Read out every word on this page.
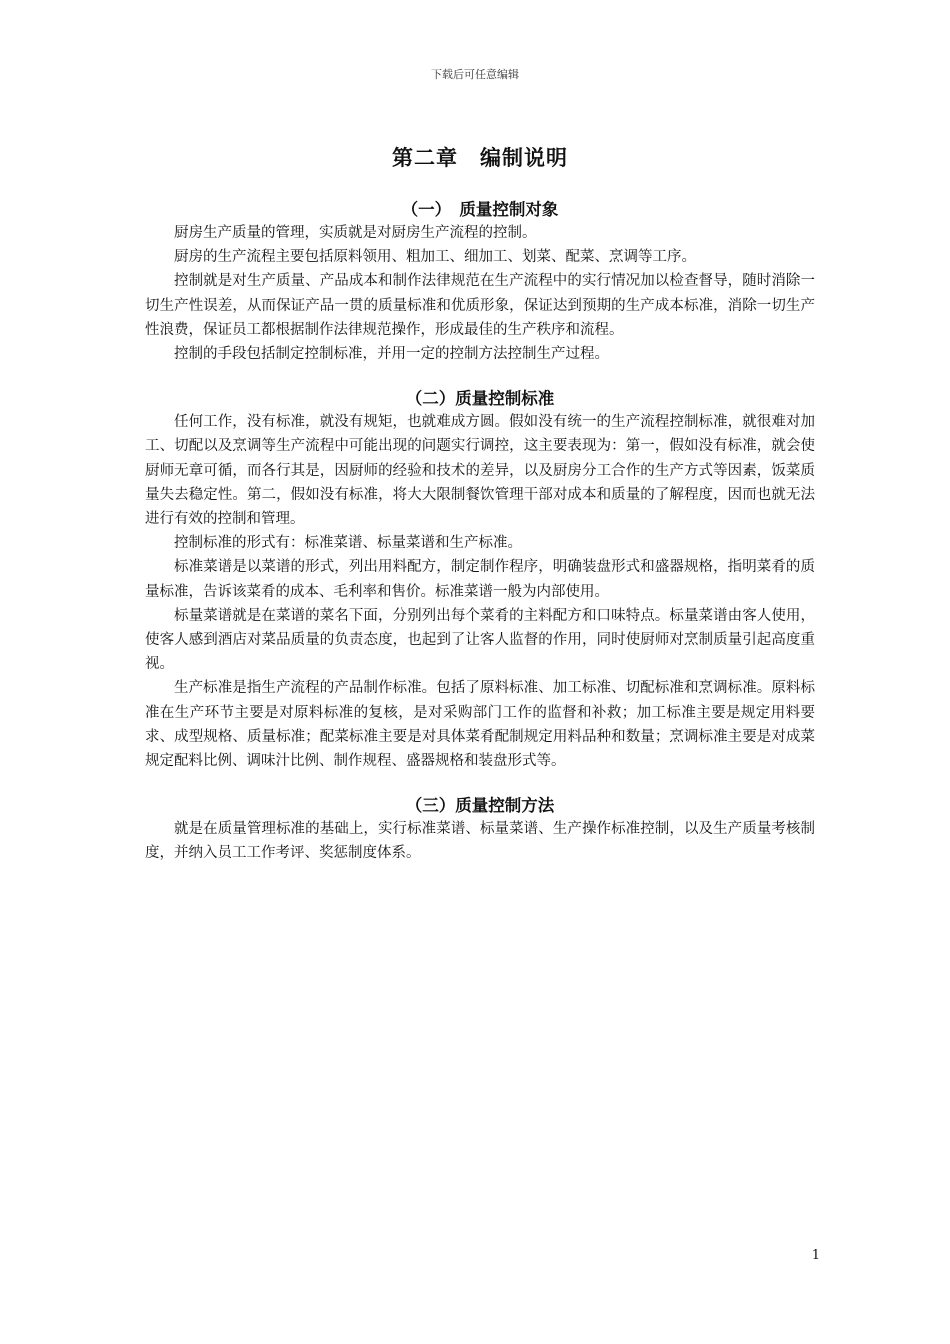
下载后可任意编辑
第二章　编制说明
（一）　质量控制对象

厨房生产质量的管理，实质就是对厨房生产流程的控制。

厨房的生产流程主要包括原料领用、粗加工、细加工、划菜、配菜、烹调等工序。

控制就是对生产质量、产品成本和制作法律规范在生产流程中的实行情况加以检查督导，随时消除一切生产性误差，从而保证产品一贯的质量标准和优质形象，保证达到预期的生产成本标准，消除一切生产性浪费，保证员工都根据制作法律规范操作，形成最佳的生产秩序和流程。

控制的手段包括制定控制标准，并用一定的控制方法控制生产过程。

（二）质量控制标准

任何工作，没有标准，就没有规矩，也就难成方圆。假如没有统一的生产流程控制标准，就很难对加工、切配以及烹调等生产流程中可能出现的问题实行调控，这主要表现为：第一，假如没有标准，就会使厨师无章可循，而各行其是，因厨师的经验和技术的差异，以及厨房分工合作的生产方式等因素，饭菜质量失去稳定性。第二，假如没有标准，将大大限制餐饮管理干部对成本和质量的了解程度，因而也就无法进行有效的控制和管理。

控制标准的形式有：标准菜谱、标量菜谱和生产标准。

标准菜谱是以菜谱的形式，列出用料配方，制定制作程序，明确装盘形式和盛器规格，指明菜肴的质量标准，告诉该菜肴的成本、毛利率和售价。标准菜谱一般为内部使用。

标量菜谱就是在菜谱的菜名下面，分别列出每个菜肴的主料配方和口味特点。标量菜谱由客人使用，使客人感到酒店对菜品质量的负责态度，也起到了让客人监督的作用，同时使厨师对烹制质量引起高度重视。

生产标准是指生产流程的产品制作标准。包括了原料标准、加工标准、切配标准和烹调标准。原料标准在生产环节主要是对原料标准的复核，是对采购部门工作的监督和补救；加工标准主要是规定用料要求、成型规格、质量标准；配菜标准主要是对具体菜肴配制规定用料品种和数量；烹调标准主要是对成菜规定配料比例、调味汁比例、制作规程、盛器规格和装盘形式等。

（三）质量控制方法

就是在质量管理标准的基础上，实行标准菜谱、标量菜谱、生产操作标准控制，以及生产质量考核制度，并纳入员工工作考评、奖惩制度体系。

1
